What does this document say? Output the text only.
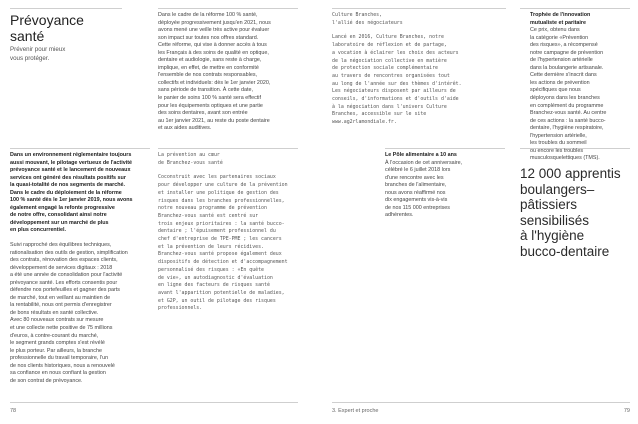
Prévoyance
santé
Prévenir pour mieux
vous protéger.

Dans le cadre de la réforme 100 % santé,

déployée progressivement jusqu'en 2021, nous

avons mené une veille très active pour évaluer

son impact sur toutes nos offres standard.

Cette réforme, qui vise à donner accès à tous

les Français à des soins de qualité en optique,

dentaire et audiologie, sans reste à charge,

implique, en effet, de mettre en conformité

l'ensemble de nos contrats responsables,

collectifs et individuels: dès le 1er janvier 2020,

sans période de transition. À cette date,

le panier de soins 100 % santé sera effectif

pour les équipements optiques et une partie

des soins dentaires, avant son entrée

au 1er janvier 2021, au reste du poste dentaire

et aux aides auditives.

Culture Branches,

l'allié des négociateurs

Lancé en 2016, Culture Branches, notre

laboratoire de réflexion et de partage,

a vocation à éclairer les choix des acteurs

de la négociation collective en matière

de protection sociale complémentaire

au travers de rencontres organisées tout

au long de l'année sur des thèmes d'intérêt.

Les négociateurs disposent par ailleurs de

conseils, d'informations et d'outils d'aide

à la négociation dans l'univers Culture

Branches, accessible sur le site

www.ag2rlamondiale.fr.

Trophée de l'innovation

mutualiste et paritaire

Ce prix, obtenu dans

la catégorie «Prévention

des risques», a récompensé

notre campagne de prévention

de l'hypertension artérielle

dans la boulangerie artisanale.

Cette dernière s'inscrit dans

les actions de prévention

spécifiques que nous

déployons dans les branches

en complément du programme

Branchez-vous santé. Au centre

de ces actions : la santé bucco-

dentaire, l'hygiène respiratoire,

l'hypertension artérielle,

les troubles du sommeil

ou encore les troubles

musculosquelettiques (TMS).

Dans un environnement réglementaire toujours

aussi mouvant, le pilotage vertueux de l'activité

prévoyance santé et le lancement de nouveaux

services ont généré des résultats positifs sur

la quasi-totalité de nos segments de marché.

Dans le cadre du déploiement de la réforme

100 % santé dès le 1er janvier 2019, nous avons

également engagé la refonte progressive

de notre offre, consolidant ainsi notre

développement sur un marché de plus

en plus concurrentiel.

Suivi rapproché des équilibres techniques,

rationalisation des outils de gestion, simplification

des contrats, rénovation des espaces clients,

développement de services digitaux : 2018

a été une année de consolidation pour l'activité

prévoyance santé. Les efforts consentis pour

défendre nos portefeuilles et gagner des parts

de marché, tout en veillant au maintien de

la rentabilité, nous ont permis d'enregistrer

de bons résultats en santé collective.

Avec 80 nouveaux contrats sur mesure

et une collecte nette positive de 75 millions

d'euros, à contre-courant du marché,

le segment grands comptes s'est révélé

le plus porteur. Par ailleurs, la branche

professionnelle du travail temporaire, l'un

de nos clients historiques, nous a renouvelé

sa confiance en nous confiant la gestion

de son contrat de prévoyance.

La prévention au cœur

de Branchez-vous santé

Coconstruit avec les partenaires sociaux

pour développer une culture de la prévention

et installer une politique de gestion des

risques dans les branches professionnelles,

notre nouveau programme de prévention

Branchez-vous santé est centré sur

trois enjeux prioritaires : la santé bucco-

dentaire ; l'épuisement professionnel du

chef d'entreprise de TPE-PME ; les cancers

et la prévention de leurs récidives.

Branchez-vous santé propose également deux

dispositifs de détection et d'accompagnement

personnalisé des risques : «En quête

de vie», un autodiagnostic d'évaluation

en ligne des facteurs de risques santé

avant l'apparition potentielle de maladies,

et G2P, un outil de pilotage des risques

professionnels.

Le Pôle alimentaire a 10 ans

À l'occasion de cet anniversaire,

célébré le 6 juillet 2018 lors

d'une rencontre avec les

branches de l'alimentaire,

nous avons réaffirmé nos

dix engagements vis-à-vis

de nos 115 000 entreprises

adhérentes.

12 000 apprentis
boulangers–
pâtissiers
sensibilisés
à l'hygiène
bucco-dentaire
78	3. Expert et proche	79
